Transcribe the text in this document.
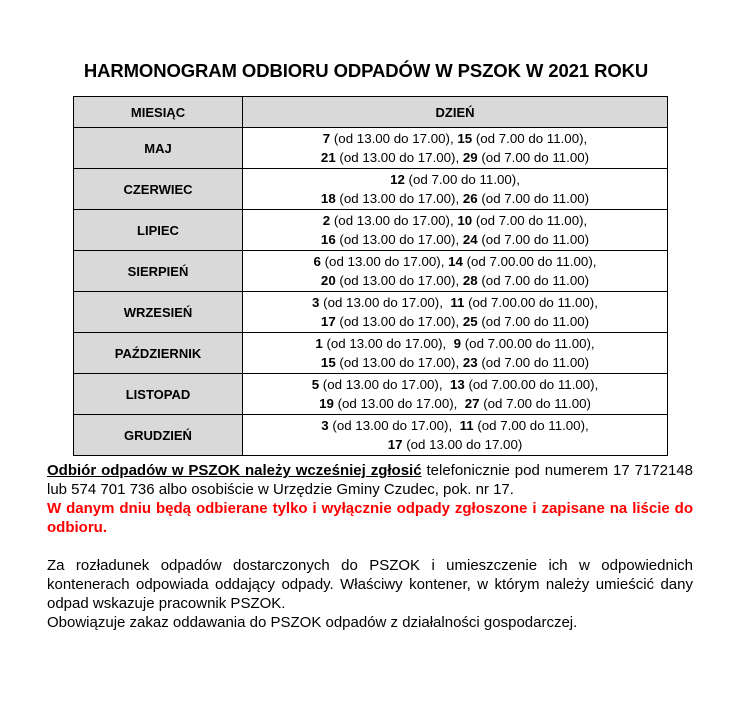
HARMONOGRAM ODBIORU ODPADÓW W PSZOK W 2021 ROKU
MIESIĄC	DZIEŃ
MAJ	7 (od 13.00 do 17.00), 15 (od 7.00 do 11.00),
21 (od 13.00 do 17.00), 29 (od 7.00 do 11.00)

CZERWIEC	12 (od 7.00 do 11.00),
18 (od 13.00 do 17.00), 26 (od 7.00 do 11.00)

LIPIEC	2 (od 13.00 do 17.00), 10 (od 7.00 do 11.00),
16 (od 13.00 do 17.00), 24 (od 7.00 do 11.00)

SIERPIEŃ	6 (od 13.00 do 17.00), 14 (od 7.00.00 do 11.00),
20 (od 13.00 do 17.00), 28 (od 7.00 do 11.00)

WRZESIEŃ	3 (od 13.00 do 17.00),  11 (od 7.00.00 do 11.00),
17 (od 13.00 do 17.00), 25 (od 7.00 do 11.00)

PAŹDZIERNIK	1 (od 13.00 do 17.00),  9 (od 7.00.00 do 11.00),
15 (od 13.00 do 17.00), 23 (od 7.00 do 11.00)

LISTOPAD	5 (od 13.00 do 17.00),  13 (od 7.00.00 do 11.00),
19 (od 13.00 do 17.00),  27 (od 7.00 do 11.00)

GRUDZIEŃ	3 (od 13.00 do 17.00),  11 (od 7.00 do 11.00),
17 (od 13.00 do 17.00)

Odbiór odpadów w PSZOK należy wcześniej zgłosić telefonicznie pod numerem 17 7172148 lub 574 701 736 albo osobiście w Urzędzie Gminy Czudec, pok. nr 17.

W danym dniu będą odbierane tylko i wyłącznie odpady zgłoszone i zapisane na liście do odbioru.

Za rozładunek odpadów dostarczonych do PSZOK i umieszczenie ich w odpowiednich kontenerach odpowiada oddający odpady. Właściwy kontener, w którym należy umieścić dany odpad wskazuje pracownik PSZOK.

Obowiązuje zakaz oddawania do PSZOK odpadów z działalności gospodarczej.
